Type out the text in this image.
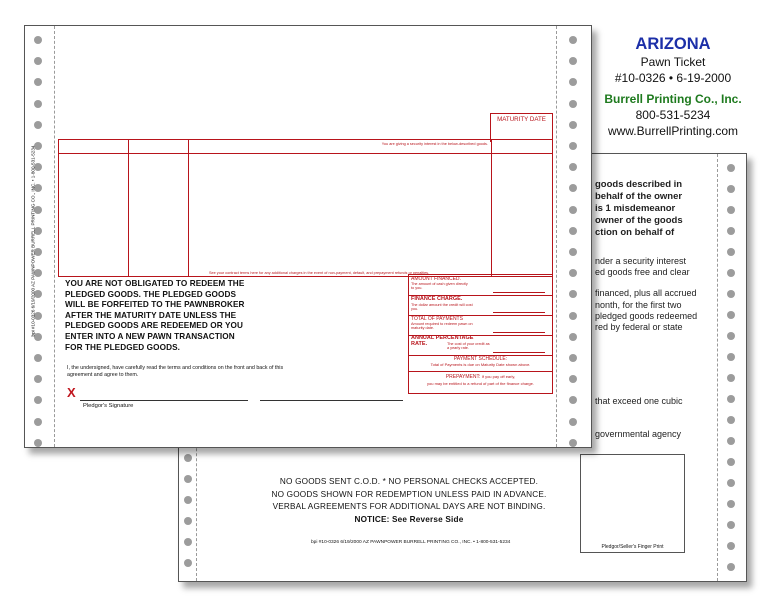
goods described in
behalf of the owner
is 1 misdemeanor
owner of the goods
ction on behalf of
nder a security interest
ed goods free and clear
financed, plus all accrued
nonth, for the first two
pledged goods redeemed
red by federal or state
that exceed one cubic
governmental agency
NO GOODS SENT C.O.D. * NO PERSONAL CHECKS ACCEPTED.
NO GOODS SHOWN FOR REDEMPTION UNLESS PAID IN ADVANCE.
VERBAL AGREEMENTS FOR ADDITIONAL DAYS ARE NOT BINDING.
NOTICE: See Reverse Side
bpi #10-0326 6/19/2000 AZ PAWNPOWER BURRELL PRINTING CO., INC. • 1-800-531-5234
Pledgor/Seller's Finger Print
bpi #10-0326 6/19/2000 AZ PAWNPOWER BURRELL PRINTING CO., INC. • 1-800-531-5234
MATURITY DATE
You are giving a security interest in the below-described goods.
See your contract terms here for any additional charges in the event of non-payment, default, and prepayment refunds or penalties.
YOU ARE NOT OBLIGATED TO REDEEM THE
PLEDGED GOODS. THE PLEDGED GOODS
WILL BE FORFEITED TO THE PAWNBROKER
AFTER THE MATURITY DATE UNLESS THE
PLEDGED GOODS ARE REDEEMED OR YOU
ENTER INTO A NEW PAWN TRANSACTION
FOR THE PLEDGED GOODS.
AMOUNT FINANCED.
The amount of cash given directly to you.
FINANCE CHARGE.
The dollar amount the credit will cost you.
TOTAL OF PAYMENTS
Amount required to redeem pawn on maturity date.
ANNUAL PERCENTAGE RATE.	The cost of your credit as a yearly rate.
PAYMENT SCHEDULE:
Total of Payments is due on Maturity Date shown above.
PREPAYMENT: If you pay off early,
you may be entitled to a refund of part of the finance charge.
I, the undersigned, have carefully read the terms and conditions on the front and back of this agreement and agree to them.
X
Pledgor's Signature
ARIZONA
Pawn Ticket
#10-0326 • 6-19-2000
Burrell Printing Co., Inc.
800-531-5234
www.BurrellPrinting.com
